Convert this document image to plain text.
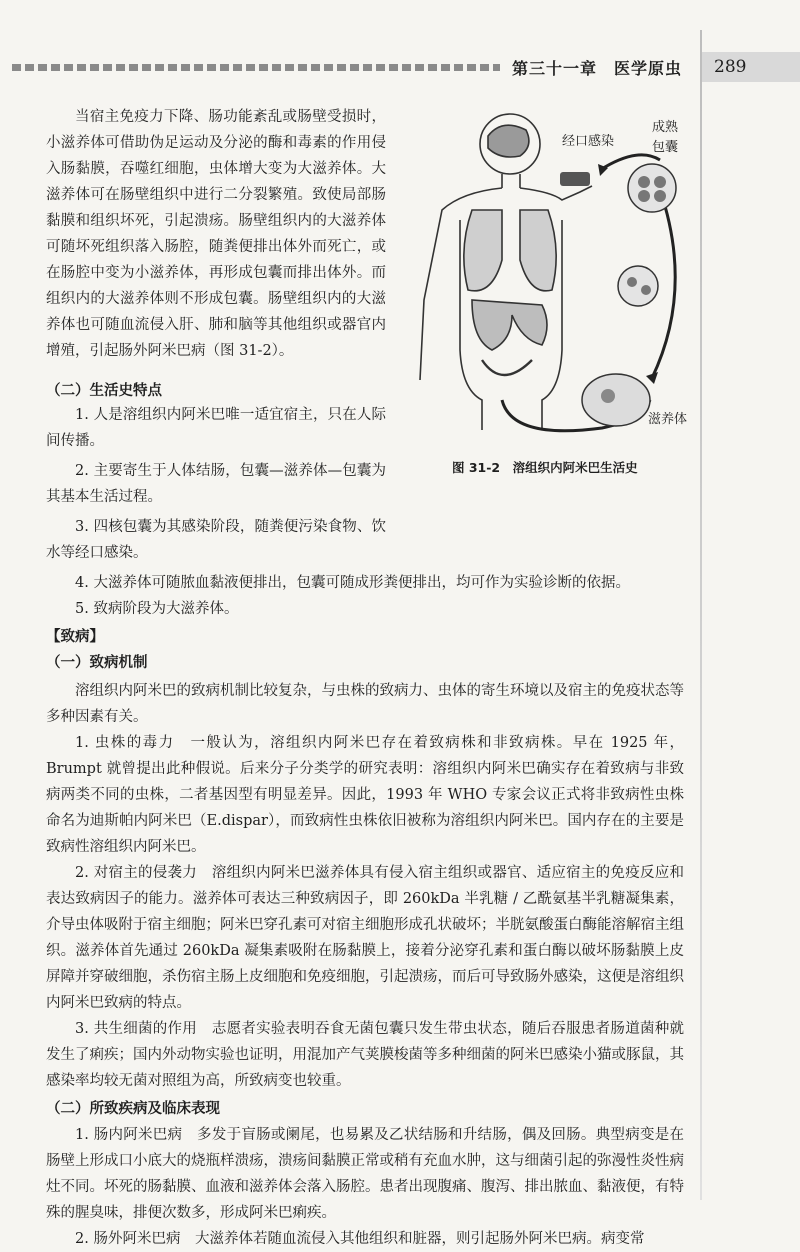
第三十一章　医学原虫	289
当宿主免疫力下降、肠功能紊乱或肠壁受损时，小滋养体可借助伪足运动及分泌的酶和毒素的作用侵入肠黏膜，吞噬红细胞，虫体增大变为大滋养体。大滋养体可在肠壁组织中进行二分裂繁殖。致使局部肠黏膜和组织坏死，引起溃疡。肠壁组织内的大滋养体可随坏死组织落入肠腔，随粪便排出体外而死亡，或在肠腔中变为小滋养体，再形成包囊而排出体外。而组织内的大滋养体则不形成包囊。肠壁组织内的大滋养体也可随血流侵入肝、肺和脑等其他组织或器官内增殖，引起肠外阿米巴病（图 31-2）。
（二）生活史特点
1. 人是溶组织内阿米巴唯一适宜宿主，只在人际间传播。
2. 主要寄生于人体结肠，包囊—滋养体—包囊为其基本生活过程。
3. 四核包囊为其感染阶段，随粪便污染食物、饮水等经口感染。
4. 大滋养体可随脓血黏液便排出，包囊可随成形粪便排出，均可作为实验诊断的依据。
5. 致病阶段为大滋养体。
【致病】
（一）致病机制
溶组织内阿米巴的致病机制比较复杂，与虫株的致病力、虫体的寄生环境以及宿主的免疫状态等多种因素有关。
1. 虫株的毒力　一般认为，溶组织内阿米巴存在着致病株和非致病株。早在 1925 年，Brumpt 就曾提出此种假说。后来分子分类学的研究表明：溶组织内阿米巴确实存在着致病与非致病两类不同的虫株，二者基因型有明显差异。因此，1993 年 WHO 专家会议正式将非致病性虫株命名为迪斯帕内阿米巴（E.dispar），而致病性虫株依旧被称为溶组织内阿米巴。国内存在的主要是致病性溶组织内阿米巴。
2. 对宿主的侵袭力　溶组织内阿米巴滋养体具有侵入宿主组织或器官、适应宿主的免疫反应和表达致病因子的能力。滋养体可表达三种致病因子，即 260kDa 半乳糖 / 乙酰氨基半乳糖凝集素，介导虫体吸附于宿主细胞；阿米巴穿孔素可对宿主细胞形成孔状破坏；半胱氨酸蛋白酶能溶解宿主组织。滋养体首先通过 260kDa 凝集素吸附在肠黏膜上，接着分泌穿孔素和蛋白酶以破坏肠黏膜上皮屏障并穿破细胞，杀伤宿主肠上皮细胞和免疫细胞，引起溃疡，而后可导致肠外感染，这便是溶组织内阿米巴致病的特点。
3. 共生细菌的作用　志愿者实验表明吞食无菌包囊只发生带虫状态，随后吞服患者肠道菌种就发生了痢疾；国内外动物实验也证明，用混加产气荚膜梭菌等多种细菌的阿米巴感染小猫或豚鼠，其感染率均较无菌对照组为高，所致病变也较重。
（二）所致疾病及临床表现
1. 肠内阿米巴病　多发于盲肠或阑尾，也易累及乙状结肠和升结肠，偶及回肠。典型病变是在肠壁上形成口小底大的烧瓶样溃疡，溃疡间黏膜正常或稍有充血水肿，这与细菌引起的弥漫性炎性病灶不同。坏死的肠黏膜、血液和滋养体会落入肠腔。患者出现腹痛、腹泻、排出脓血、黏液便，有特殊的腥臭味，排便次数多，形成阿米巴痢疾。
2. 肠外阿米巴病　大滋养体若随血流侵入其他组织和脏器，则引起肠外阿米巴病。病变常
经口感染
成熟
包囊
滋养体
图 31-2　溶组织内阿米巴生活史
